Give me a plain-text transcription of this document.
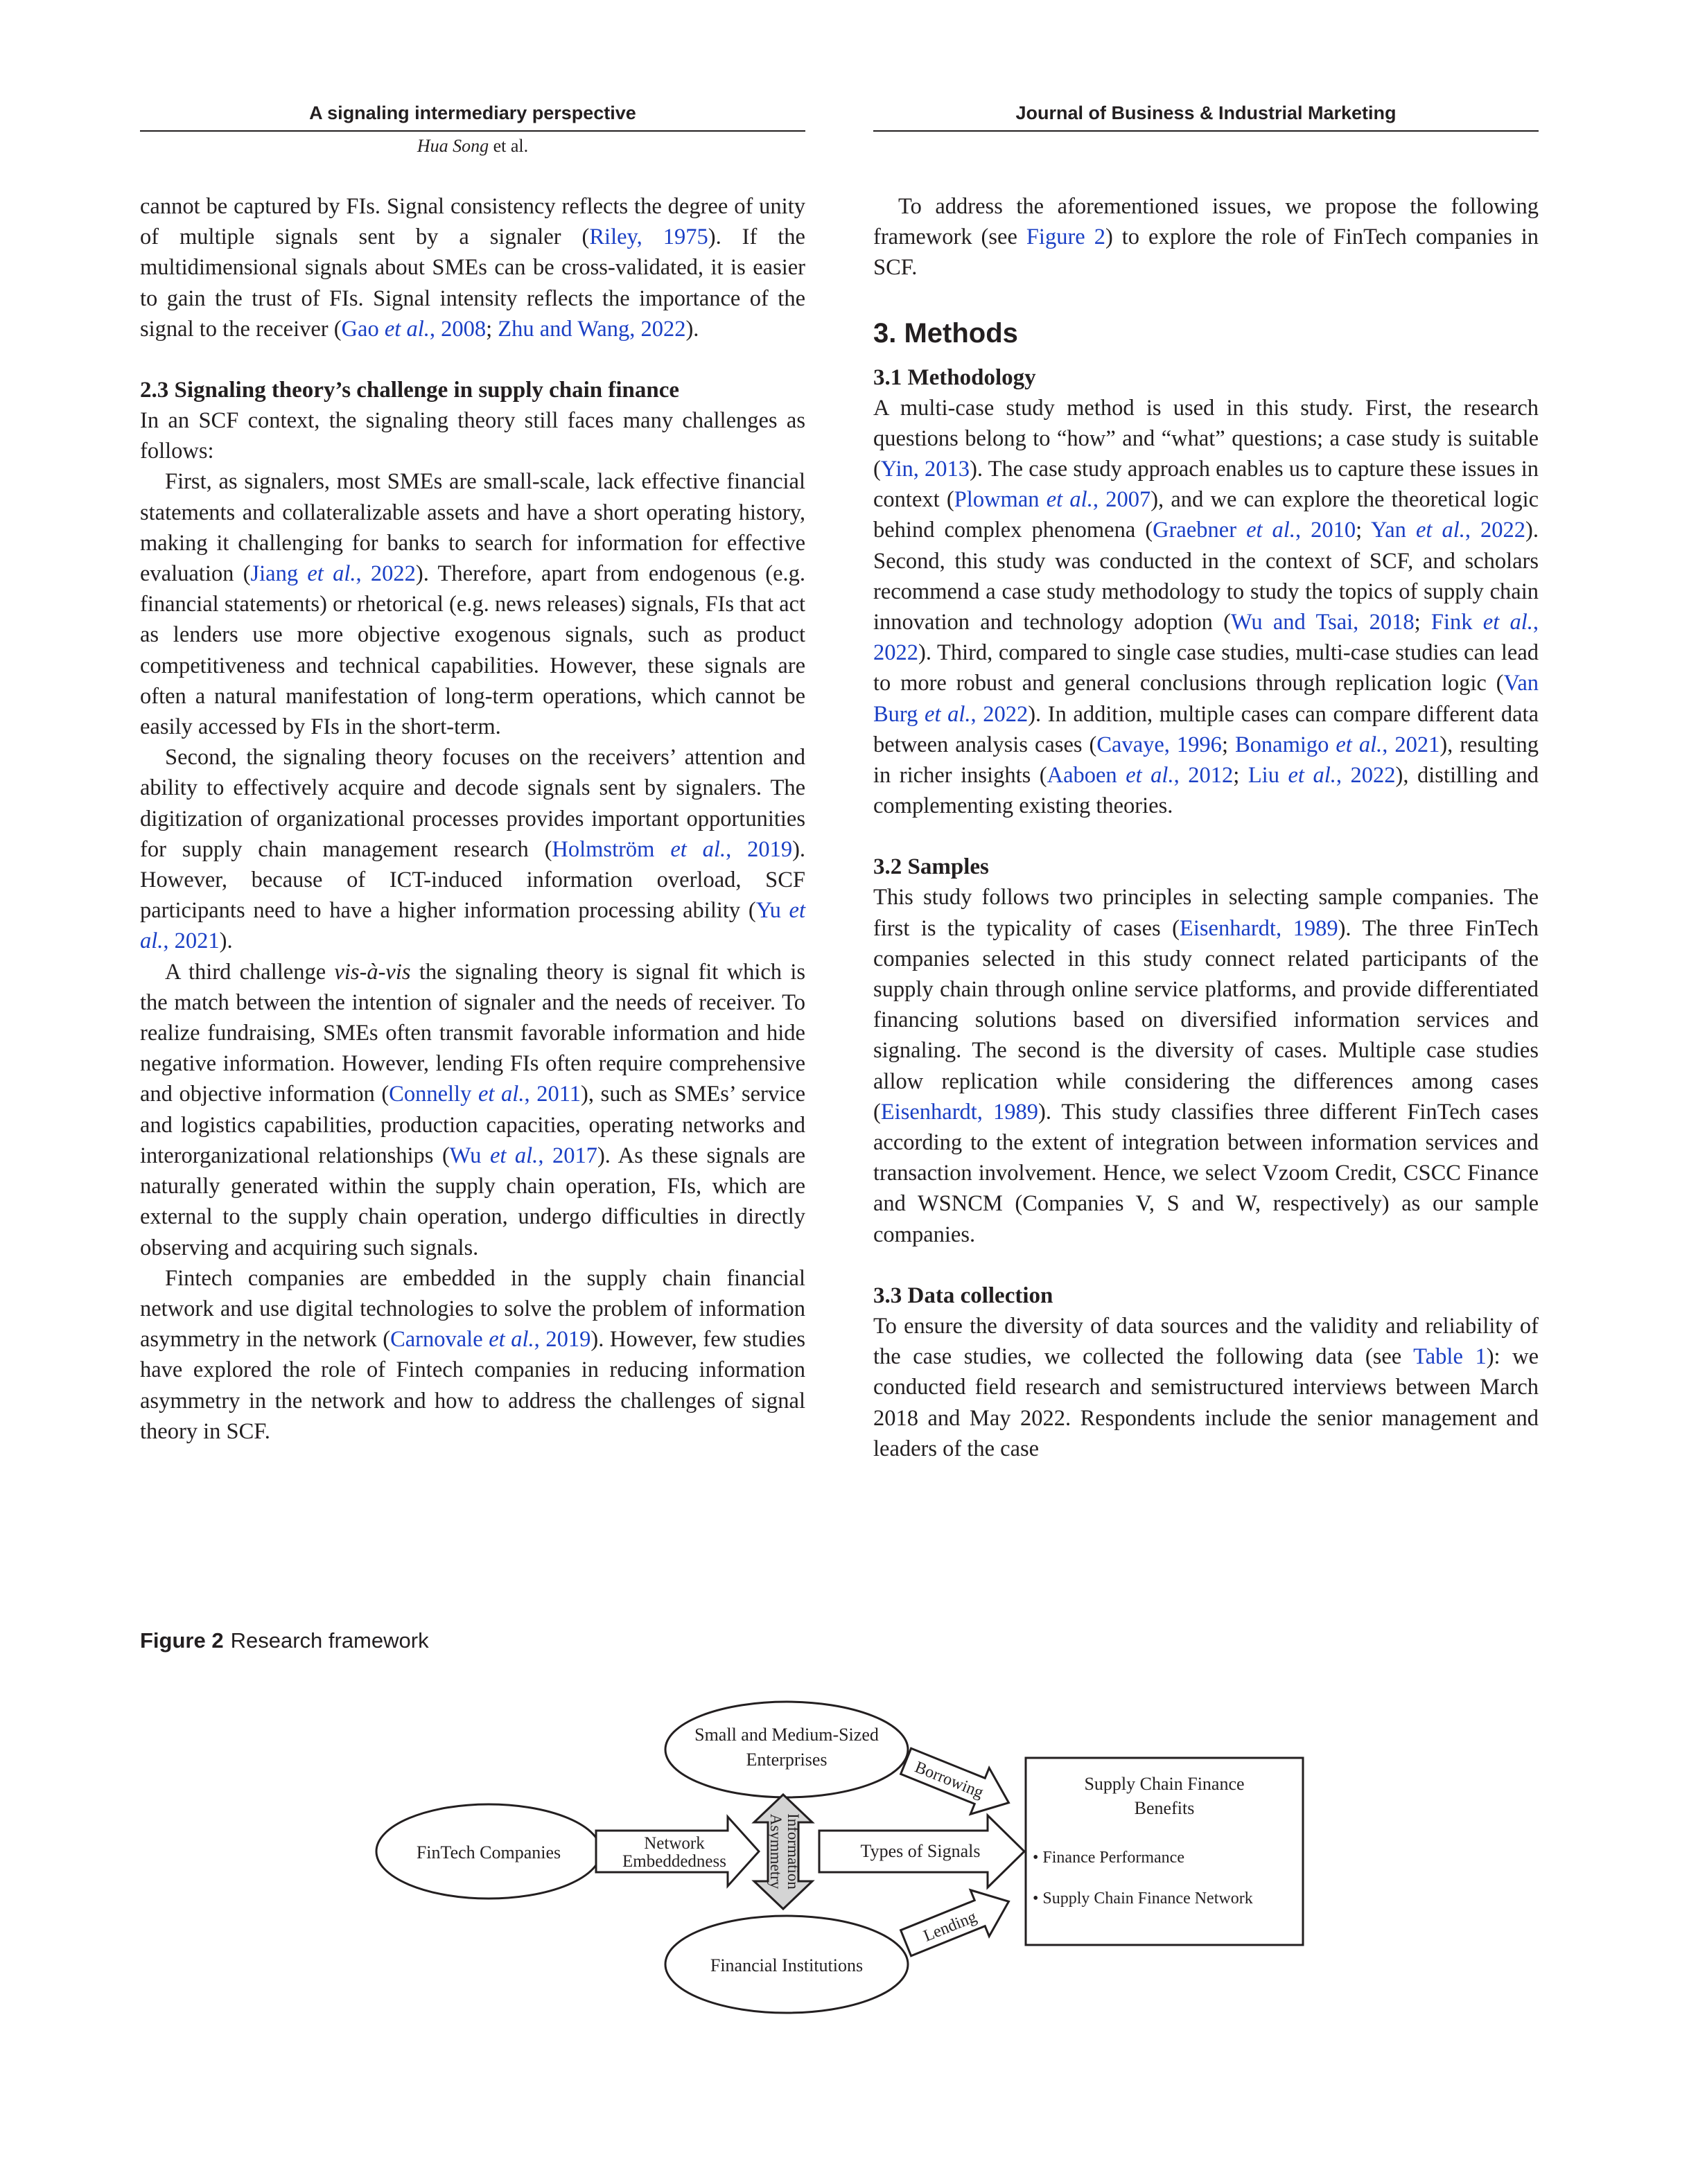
A signaling intermediary perspective	Journal of Business & Industrial Marketing
Hua Song et al.

cannot be captured by FIs. Signal consistency reflects the degree of unity of multiple signals sent by a signaler (Riley, 1975). If the multidimensional signals about SMEs can be cross-validated, it is easier to gain the trust of FIs. Signal intensity reflects the importance of the signal to the receiver (Gao et al., 2008; Zhu and Wang, 2022).

2.3 Signaling theory’s challenge in supply chain finance

In an SCF context, the signaling theory still faces many challenges as follows:

First, as signalers, most SMEs are small-scale, lack effective financial statements and collateralizable assets and have a short operating history, making it challenging for banks to search for information for effective evaluation (Jiang et al., 2022). Therefore, apart from endogenous (e.g. financial statements) or rhetorical (e.g. news releases) signals, FIs that act as lenders use more objective exogenous signals, such as product competitiveness and technical capabilities. However, these signals are often a natural manifestation of long-term operations, which cannot be easily accessed by FIs in the short-term.

Second, the signaling theory focuses on the receivers’ attention and ability to effectively acquire and decode signals sent by signalers. The digitization of organizational processes provides important opportunities for supply chain management research (Holmström et al., 2019). However, because of ICT-induced information overload, SCF participants need to have a higher information processing ability (Yu et al., 2021).

A third challenge vis-à-vis the signaling theory is signal fit which is the match between the intention of signaler and the needs of receiver. To realize fundraising, SMEs often transmit favorable information and hide negative information. However, lending FIs often require comprehensive and objective information (Connelly et al., 2011), such as SMEs’ service and logistics capabilities, production capacities, operating networks and interorganizational relationships (Wu et al., 2017). As these signals are naturally generated within the supply chain operation, FIs, which are external to the supply chain operation, undergo difficulties in directly observing and acquiring such signals.

Fintech companies are embedded in the supply chain financial network and use digital technologies to solve the problem of information asymmetry in the network (Carnovale et al., 2019). However, few studies have explored the role of Fintech companies in reducing information asymmetry in the network and how to address the challenges of signal theory in SCF.

To address the aforementioned issues, we propose the following framework (see Figure 2) to explore the role of FinTech companies in SCF.

3. Methods
3.1 Methodology

A multi-case study method is used in this study. First, the research questions belong to “how” and “what” questions; a case study is suitable (Yin, 2013). The case study approach enables us to capture these issues in context (Plowman et al., 2007), and we can explore the theoretical logic behind complex phenomena (Graebner et al., 2010; Yan et al., 2022). Second, this study was conducted in the context of SCF, and scholars recommend a case study methodology to study the topics of supply chain innovation and technology adoption (Wu and Tsai, 2018; Fink et al., 2022). Third, compared to single case studies, multi-case studies can lead to more robust and general conclusions through replication logic (Van Burg et al., 2022). In addition, multiple cases can compare different data between analysis cases (Cavaye, 1996; Bonamigo et al., 2021), resulting in richer insights (Aaboen et al., 2012; Liu et al., 2022), distilling and complementing existing theories.

3.2 Samples

This study follows two principles in selecting sample companies. The first is the typicality of cases (Eisenhardt, 1989). The three FinTech companies selected in this study connect related participants of the supply chain through online service platforms, and provide differentiated financing solutions based on diversified information services and signaling. The second is the diversity of cases. Multiple case studies allow replication while considering the differences among cases (Eisenhardt, 1989). This study classifies three different FinTech cases according to the extent of integration between information services and transaction involvement. Hence, we select Vzoom Credit, CSCC Finance and WSNCM (Companies V, S and W, respectively) as our sample companies.

3.3 Data collection

To ensure the diversity of data sources and the validity and reliability of the case studies, we collected the following data (see Table 1): we conducted field research and semistructured interviews between March 2018 and May 2022. Respondents include the senior management and leaders of the case

Figure 2 Research framework
Small and Medium-Sized
Enterprises
FinTech Companies
Financial Institutions
Network
Embeddedness	Information
Asymmetry	Types of Signals
Borrowing
Lending
Supply Chain Finance
Benefits
• Finance Performance
• Supply Chain Finance Network
